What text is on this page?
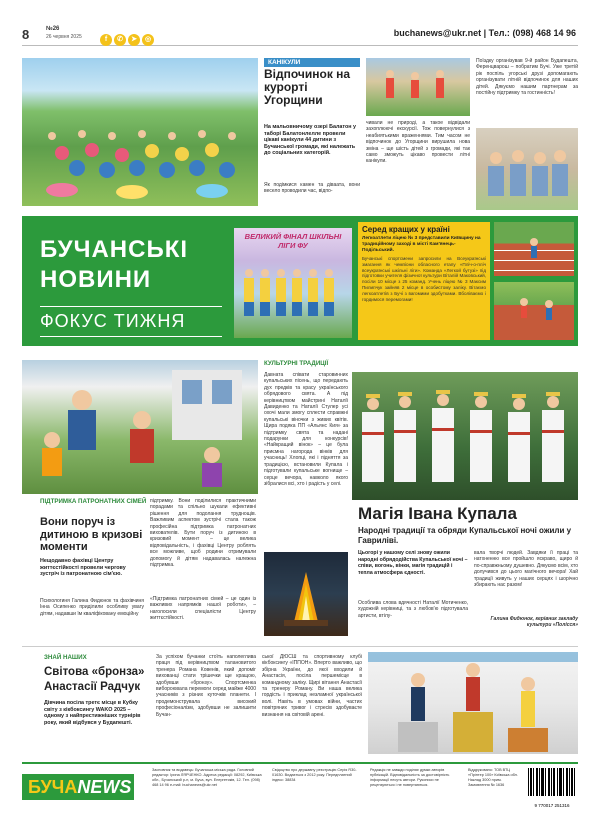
8	№26
26 червня 2025	f ✆ ➤ ◎
buchanews@ukr.net | Тел.: (098) 468 14 96
КАНІКУЛИ
Відпочинок на курорті Угорщини
На мальовничому озері Балатон у таборі Балатонлелле провели цікаві канікули 44 дитини з Бучанської громади, які належать до соціальних категорій.
Як подімкися камен та діваата, вони весело проводили час, відпо-
чивали не природі, а такое відвідали захоплюючі екскурсії. Тож повернулися з неабиятькими враженнями. Тим часом не відпочинок до Угорщини вирушила нова зміна – ще шість дітей з громади, які так само зможуть цікаво провести літні канікули.
Поїздку організував 9-й район Будапешта, Ференцварош – побратим Бучі. Уже третій рік поспіль угорські друзі допомагають організувати літній відпочинок для наших дітей. Дякуємо нашим партнерам за постійну підтримку та гостинність!
БУЧАНСЬКІ
НОВИНИ
ФОКУС ТИЖНЯ
ВЕЛИКИЙ ФІНАЛ ШКІЛЬНІ ЛІГИ ФУ
Серед кращих у країні
Легкоатлети ліцею № 3 представили Київщину на традиційному заході в місті Кам'янець-Подільський.
Бучанські спортсмени запросили на Всеукраїнські змагання як чемпіони обласного етапу «Пліч-о-пліч всеукраїнські шкільні ліги». Команда «Легкой бутузі» під підготовки учителя фізичної культури Віталій Маковський, посіли 10 місце з 25 команд. Учень ліцею № 3 Максим Пилипчук зайняв 2 місце в особистому заліку. Вітаємо легкоатлетів з Бучі з вагомими здобутками. Вболіваємо і гордимося перемогами!
ПІДТРИМКА ПАТРОНАТНИХ СІМЕЙ
Вони поруч із дитиною в кризові моменти
Нещодавно фахівці Центру життєстійкості провели чергову зустріч із патронатною сім'єю.
Психологиня Галина Фидюнок та фахівчиня Інна Осипенко приділили особливу увагу дітям, надавши їм кваліфіковану емоційну
підтримку. Вони поділилися практичними порадами та спільно шукали ефективні рішення для подолання труднощів. Важливим аспектом зустрічі стала також професійна підтримка патронатних вихователів. Бути поруч із дитиною в кризовий момент – це велика відповідальність, і фахівці Центру роблять все можливе, щоб родини отримували допомогу й дітям надавалась належна підтримка.
«Підтримка патронатних сімей – це один із важливих напрямків нашої роботи», – наголосили спеціалісти Центру життєстійкості.
КУЛЬТУРНІ ТРАДИЦІЇ
Давната співати старовинних купальських пісень, що передають дух предків та красу українського обрядового свята. А під керівництвом майстрині Наталії Давиденко та Наталії Стулер усі охочі мали змогу сплести справжні купальські віночки з живих квітів. Щира подяка ПП «Альянс Кия» за підтримку свята та надані подарунки для конкурсів! «Найкращий вінок» – це була приємна нагорода вінків для учасниць! Хлопці, які і підняття за традицією, встановили Купала і підготували купальське вогнище – серце вечора, навколо якого зібралися всі, хто і радість у селі.
Магія Івана Купала
Народні традиції та обряди Купальської ночі ожили у Гавриліві.
Цьогорі у нашому селі знову ожили народні обрядодійства Купальської ночі – співи, вогонь, вінки, магія традицій і тепла атмосфера єдності.
Особлива слова вдячності Наталії Мотиченко, художній керівниці, та з любов'ю підготувала артисти, втілу-
вала творчі людей. Завдяки її праці та натхненню все пройшло яскраво, щиро й по-справжньому душевно. Дякуємо всім, хто долучився до цього магічного вечора! Хай традиції живуть у наших серцях і шорічно збирають нас разом!
Галина Фидюнок, керівник закладу культури «Полісся»
ЗНАЙ НАШИХ
Світова «бронза»
Анастасії Радчук
Дівчина посіла третє місце в Кубку світу з кікбоксингу WAKO 2025 – одному з найпрестижніших турнірів року, який відбувся у Будапешті.
За успіхом бучанки стоїть наполеглива праця під керівництвом талановитого тренера Романа Ковенів, який допоміг вихованці стати трішечки ще кращою, здобувши «бронзу». Спортсменка вибороювала перемоги серед майже 4000 учасників з різних куточків планети. І продемонструвала високий професіоналізм, здобувши не залишити Бучан-
ської ДЮСШ та спортивному клубі кікбоксингу «ІППОН». Вперто важливо, що збірна України, до якої входили й Анастасія, посіла першемісце в командному заліку. Щирі вітання Анастасії та тренеру Роману. Ви наша велика гордість і приклад незламної української волі. Навіть в умовах війни, частих повітряних тривог і стресів здобуваєте визнання на світовій арені.
БУЧАNEWS
Засновник та видавець: Бучанська міська рада. Головний редактор: Ірина ЛЯРЧЕНКО. Адреса редакції: 08292, Київська обл., Бучанський р-н, м. Буча, вул. Енергетиків, 12. Тел. (098) 468 14 96 e-mail: buchanews@ukr.net
Свідоцтво про державну реєстрацію Серія R30-01630. Видається з 2012 року. Передплатний індекс: 38834
Редакція не завжди поділяє думки авторів публікацій. Відповідальність за достовірність інформації несуть автори. Рукописи не рецензуються і не повертаються.
Віддруковано: ТОВ ВТЦ «Прінтер 100» Київська обл. Наклад 3000 прим. Замовлення № 1636
9 770017 251316
